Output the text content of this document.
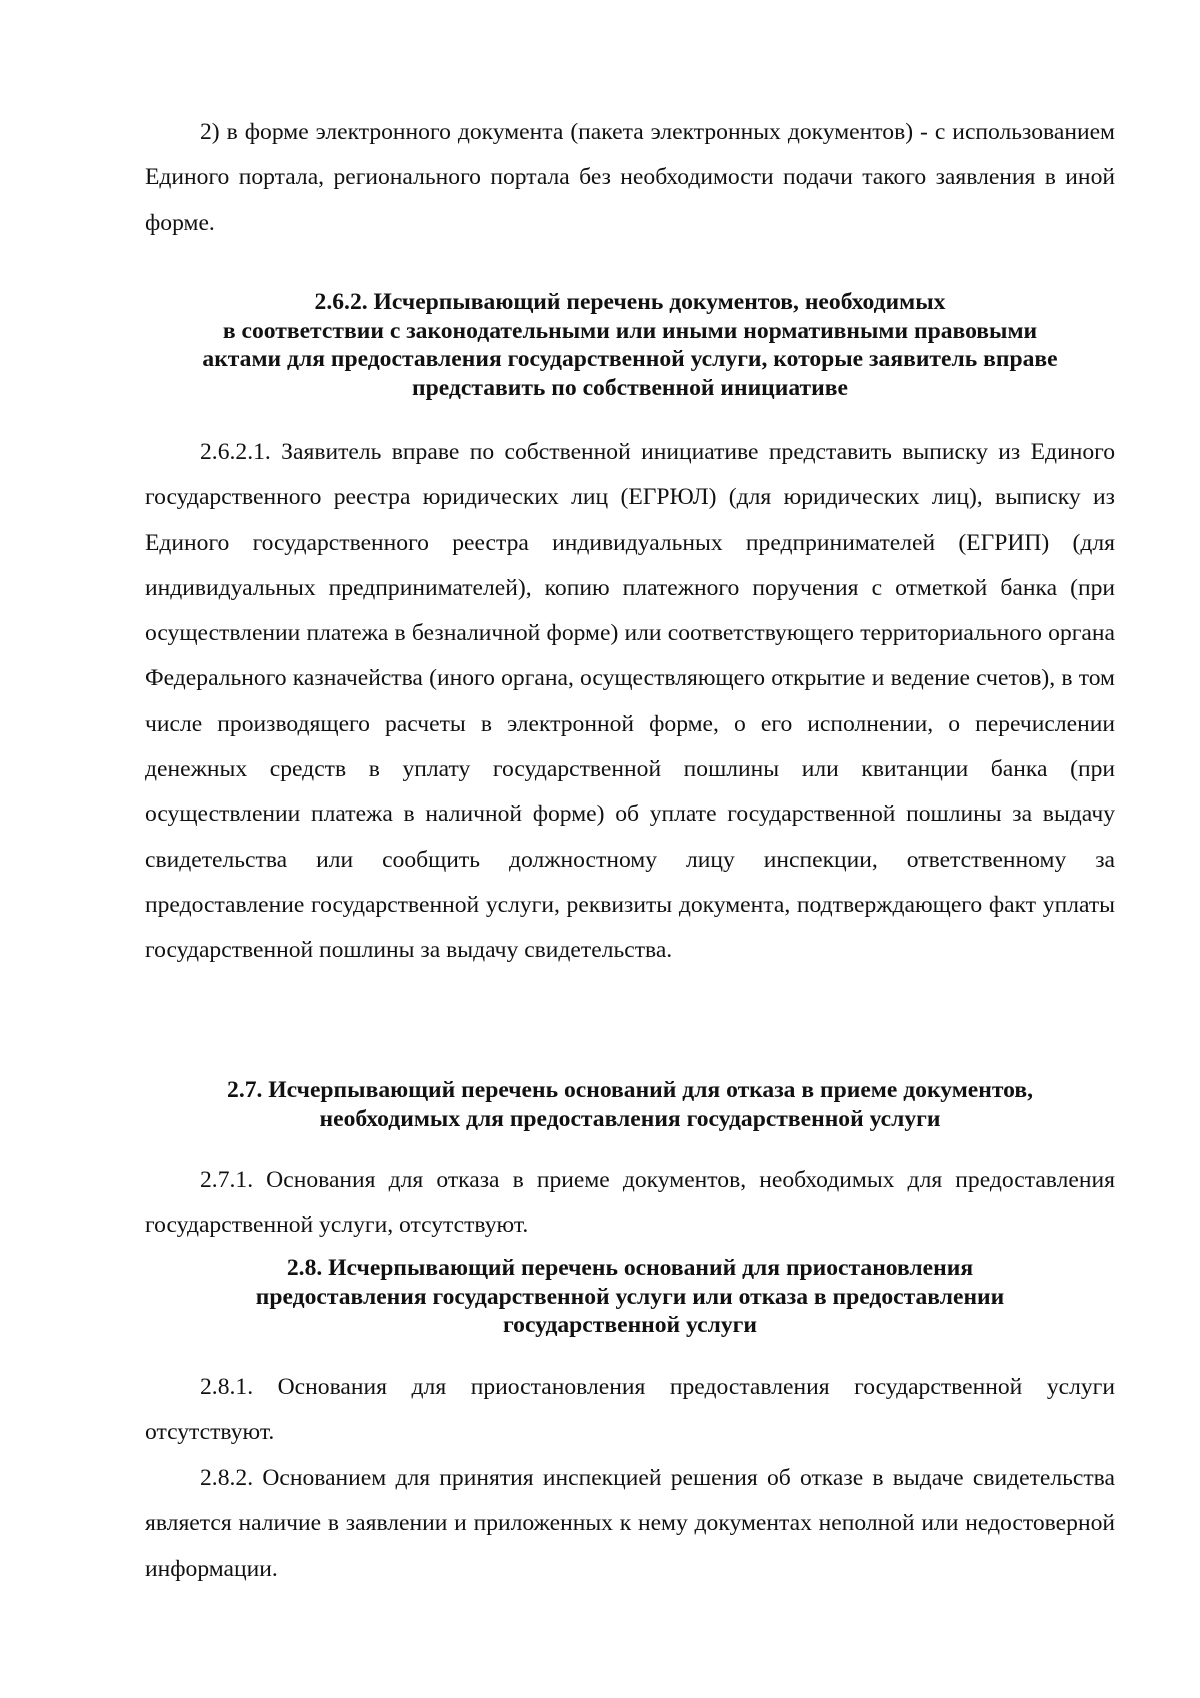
2) в форме электронного документа (пакета электронных документов) - с использованием Единого портала, регионального портала без необходимости подачи такого заявления в иной форме.

2.6.2. Исчерпывающий перечень документов, необходимых
в соответствии с законодательными или иными нормативными правовыми
актами для предоставления государственной услуги, которые заявитель вправе
представить по собственной инициативе

2.6.2.1. Заявитель вправе по собственной инициативе представить выписку из Единого государственного реестра юридических лиц (ЕГРЮЛ) (для юридических лиц), выписку из Единого государственного реестра индивидуальных предпринимателей (ЕГРИП) (для индивидуальных предпринимателей), копию платежного поручения с отметкой банка (при осуществлении платежа в безналичной форме) или соответствующего территориального органа Федерального казначейства (иного органа, осуществляющего открытие и ведение счетов), в том числе производящего расчеты в электронной форме, о его исполнении, о перечислении денежных средств в уплату государственной пошлины или квитанции банка (при осуществлении платежа в наличной форме) об уплате государственной пошлины за выдачу свидетельства или сообщить должностному лицу инспекции, ответственному за предоставление государственной услуги, реквизиты документа, подтверждающего факт уплаты государственной пошлины за выдачу свидетельства.

2.7. Исчерпывающий перечень оснований для отказа в приеме документов,
необходимых для предоставления государственной услуги

2.7.1. Основания для отказа в приеме документов, необходимых для предоставления государственной услуги, отсутствуют.

2.8. Исчерпывающий перечень оснований для приостановления
предоставления государственной услуги или отказа в предоставлении
государственной услуги

2.8.1. Основания для приостановления предоставления государственной услуги отсутствуют.

2.8.2. Основанием для принятия инспекцией решения об отказе в выдаче свидетельства является наличие в заявлении и приложенных к нему документах неполной или недостоверной информации.
